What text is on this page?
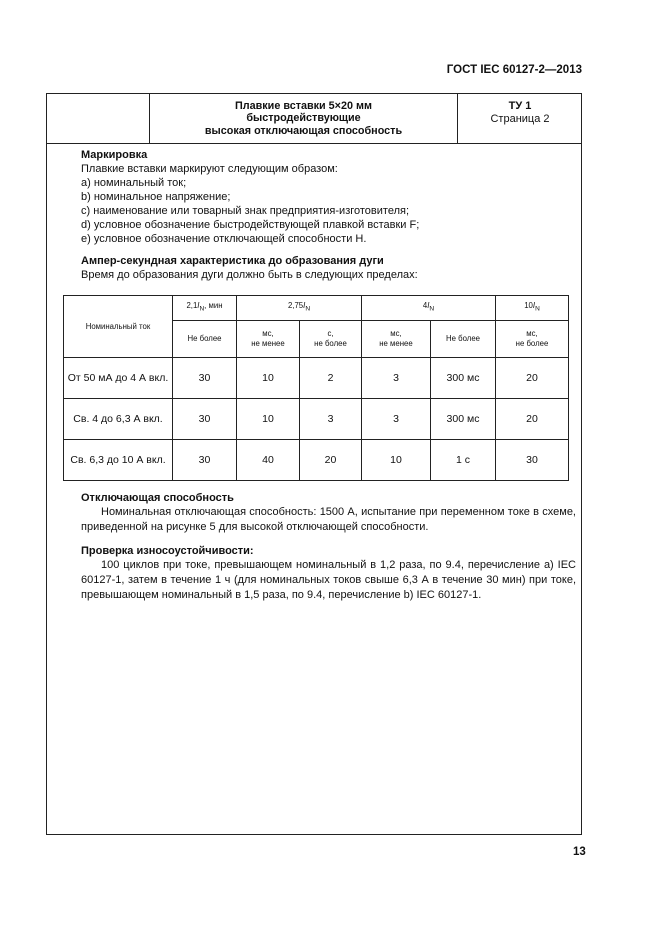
ГОСТ IEC 60127-2—2013
Плавкие вставки 5×20 мм
быстродействующие
высокая отключающая способность
ТУ 1
Страница 2
Маркировка
Плавкие вставки маркируют следующим образом:
a) номинальный ток;
b) номинальное напряжение;
c) наименование или товарный знак предприятия-изготовителя;
d) условное обозначение быстродействующей плавкой вставки F;
e) условное обозначение отключающей способности H.
Ампер-секундная характеристика до образования дуги
Время до образования дуги должно быть в следующих пределах:
Номинальный ток	$2,1I_N$, мин	$2,75I_N$		$4I_N$		$10I_N$
	Не более	мс,
не менее	с,
не более	мс,
не менее	Не более	мс,
не более
От 50 мА до 4 А вкл.	30	10	2	3	300 мс	20
Св. 4 до 6,3 А вкл.	30	10	3	3	300 мс	20
Св. 6,3 до 10 А вкл.	30	40	20	10	1 с	30
Отключающая способность
Номинальная отключающая способность: 1500 А, испытание при переменном токе в схеме, приведенной на рисунке 5 для высокой отключающей способности.
Проверка износоустойчивости:
100 циклов при токе, превышающем номинальный в 1,2 раза, по 9.4, перечисление a) IEC 60127-1, затем в течение 1 ч (для номинальных токов свыше 6,3 А в течение 30 мин) при токе, превышающем номинальный в 1,5 раза, по 9.4, перечисление b) IEC 60127-1.
13
